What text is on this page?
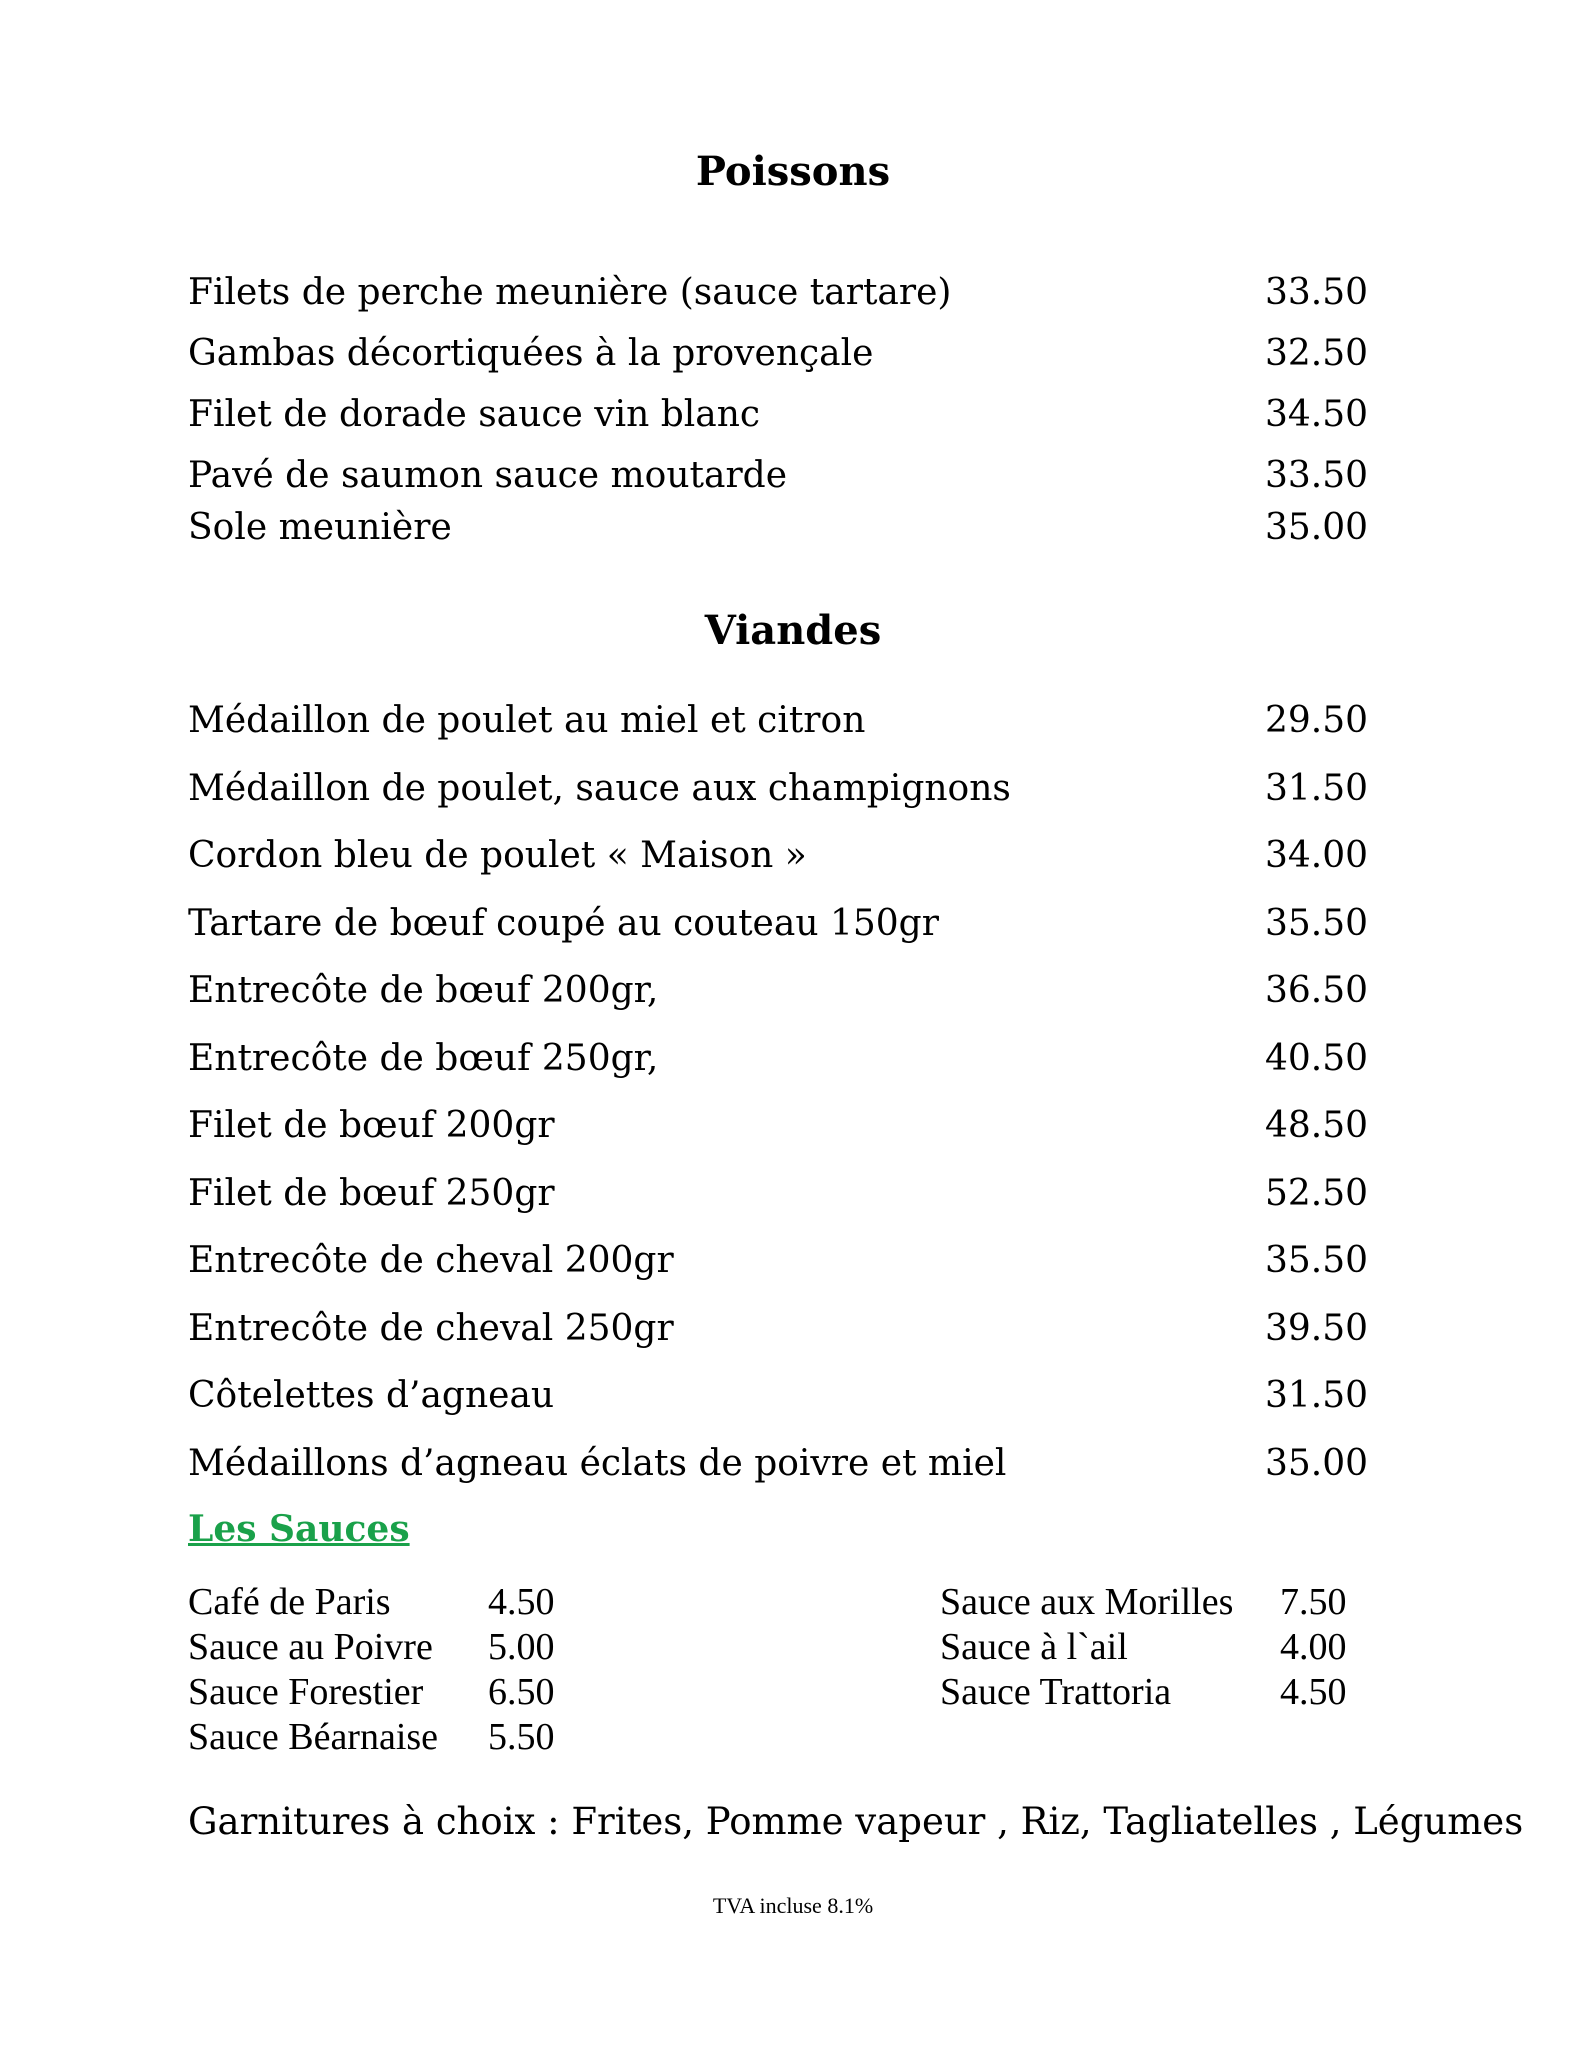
Poissons
Filets de perche meunière (sauce tartare)	33.50
Gambas décortiquées à la provençale	32.50
Filet de dorade sauce vin blanc	34.50
Pavé de saumon sauce moutarde	33.50
Sole meunière	35.00
Viandes
Médaillon de poulet au miel et citron	29.50
Médaillon de poulet, sauce aux champignons	31.50
Cordon bleu de poulet « Maison »	34.00
Tartare de bœuf coupé au couteau 150gr	35.50
Entrecôte de bœuf 200gr,	36.50
Entrecôte de bœuf 250gr,	40.50
Filet de bœuf 200gr	48.50
Filet de bœuf 250gr	52.50
Entrecôte de cheval 200gr	35.50
Entrecôte de cheval 250gr	39.50
Côtelettes d’agneau	31.50
Médaillons d’agneau éclats de poivre et miel	35.00
Les Sauces
Café de Paris	4.50
Sauce au Poivre	5.00
Sauce Forestier	6.50
Sauce Béarnaise	5.50
Sauce aux Morilles	7.50
Sauce à l`ail	4.00
Sauce Trattoria	4.50
Garnitures à choix : Frites, Pomme vapeur , Riz, Tagliatelles , Légumes
TVA incluse 8.1%
